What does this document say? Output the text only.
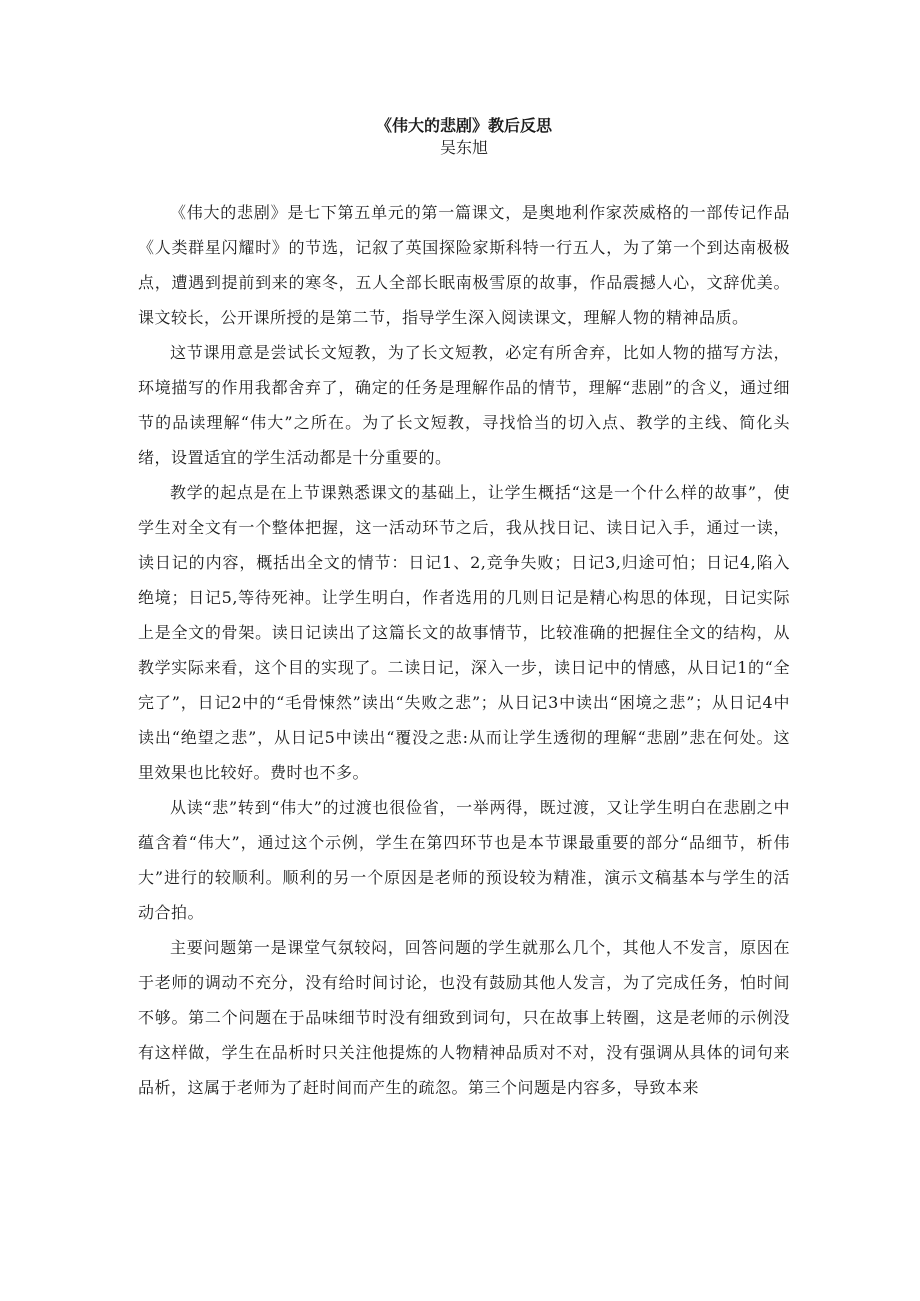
《伟大的悲剧》教后反思
吴东旭

《伟大的悲剧》是七下第五单元的第一篇课文，是奥地利作家茨威格的一部传记作品《人类群星闪耀时》的节选，记叙了英国探险家斯科特一行五人，为了第一个到达南极极点，遭遇到提前到来的寒冬，五人全部长眠南极雪原的故事，作品震撼人心，文辞优美。课文较长，公开课所授的是第二节，指导学生深入阅读课文，理解人物的精神品质。

这节课用意是尝试长文短教，为了长文短教，必定有所舍弃，比如人物的描写方法，环境描写的作用我都舍弃了，确定的任务是理解作品的情节，理解“悲剧”的含义，通过细节的品读理解“伟大”之所在。为了长文短教，寻找恰当的切入点、教学的主线、简化头绪，设置适宜的学生活动都是十分重要的。

教学的起点是在上节课熟悉课文的基础上，让学生概括“这是一个什么样的故事”，使学生对全文有一个整体把握，这一活动环节之后，我从找日记、读日记入手，通过一读，读日记的内容，概括出全文的情节：日记1、2,竞争失败；日记3,归途可怕；日记4,陷入绝境；日记5,等待死神。让学生明白，作者选用的几则日记是精心构思的体现，日记实际上是全文的骨架。读日记读出了这篇长文的故事情节，比较准确的把握住全文的结构，从教学实际来看，这个目的实现了。二读日记，深入一步，读日记中的情感，从日记1的“全完了”，日记2中的“毛骨悚然”读出“失败之悲”；从日记3中读出“困境之悲”；从日记4中读出“绝望之悲”，从日记5中读出“覆没之悲:从而让学生透彻的理解“悲剧”悲在何处。这里效果也比较好。费时也不多。

从读“悲”转到“伟大”的过渡也很俭省，一举两得，既过渡，又让学生明白在悲剧之中蕴含着“伟大”，通过这个示例，学生在第四环节也是本节课最重要的部分“品细节，析伟大”进行的较顺利。顺利的另一个原因是老师的预设较为精准，演示文稿基本与学生的活动合拍。

主要问题第一是课堂气氛较闷，回答问题的学生就那么几个，其他人不发言，原因在于老师的调动不充分，没有给时间讨论，也没有鼓励其他人发言，为了完成任务，怕时间不够。第二个问题在于品味细节时没有细致到词句，只在故事上转圈，这是老师的示例没有这样做，学生在品析时只关注他提炼的人物精神品质对不对，没有强调从具体的词句来品析，这属于老师为了赶时间而产生的疏忽。第三个问题是内容多，导致本来
